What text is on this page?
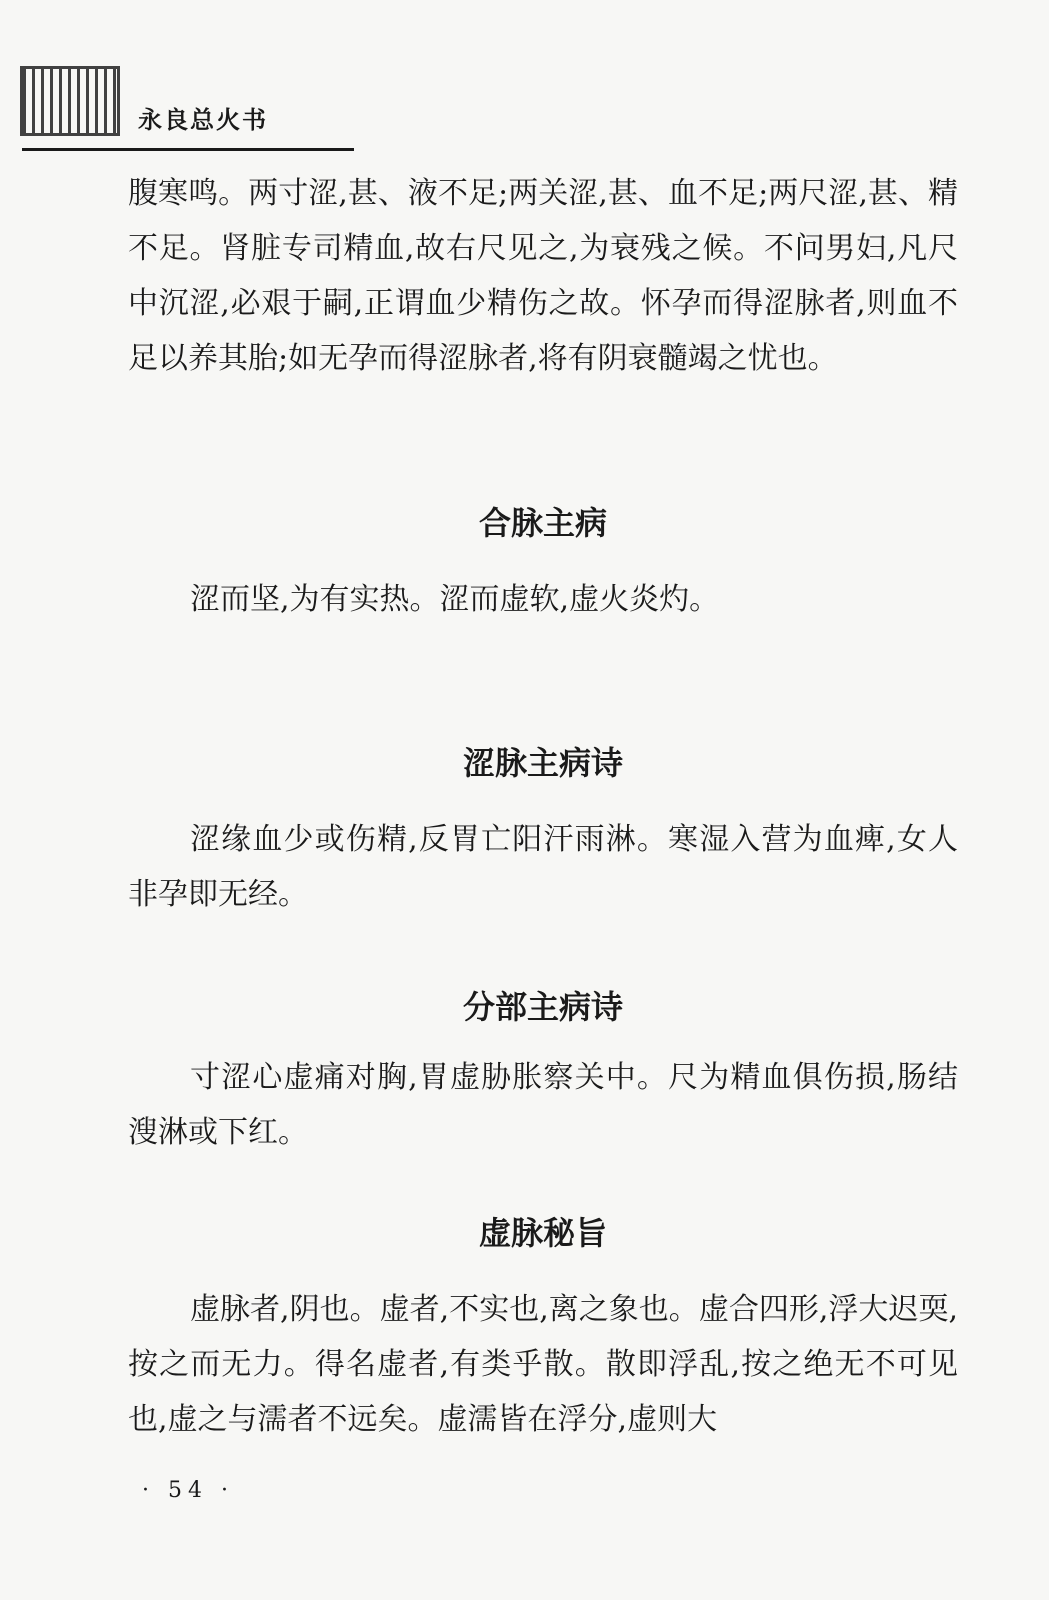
永良总火书

腹寒鸣。两寸涩,甚、液不足;两关涩,甚、血不足;两尺涩,甚、精不足。肾脏专司精血,故右尺见之,为衰残之候。不问男妇,凡尺中沉涩,必艰于嗣,正谓血少精伤之故。怀孕而得涩脉者,则血不足以养其胎;如无孕而得涩脉者,将有阴衰髓竭之忧也。

合脉主病

涩而坚,为有实热。涩而虚软,虚火炎灼。

涩脉主病诗

涩缘血少或伤精,反胃亡阳汗雨淋。寒湿入营为血痺,女人非孕即无经。

分部主病诗

寸涩心虚痛对胸,胃虚胁胀察关中。尺为精血俱伤损,肠结溲淋或下红。

虚脉秘旨

虚脉者,阴也。虚者,不实也,离之象也。虚合四形,浮大迟耎,按之而无力。得名虚者,有类乎散。散即浮乱,按之绝无不可见也,虚之与濡者不远矣。虚濡皆在浮分,虚则大

· 54 ·
